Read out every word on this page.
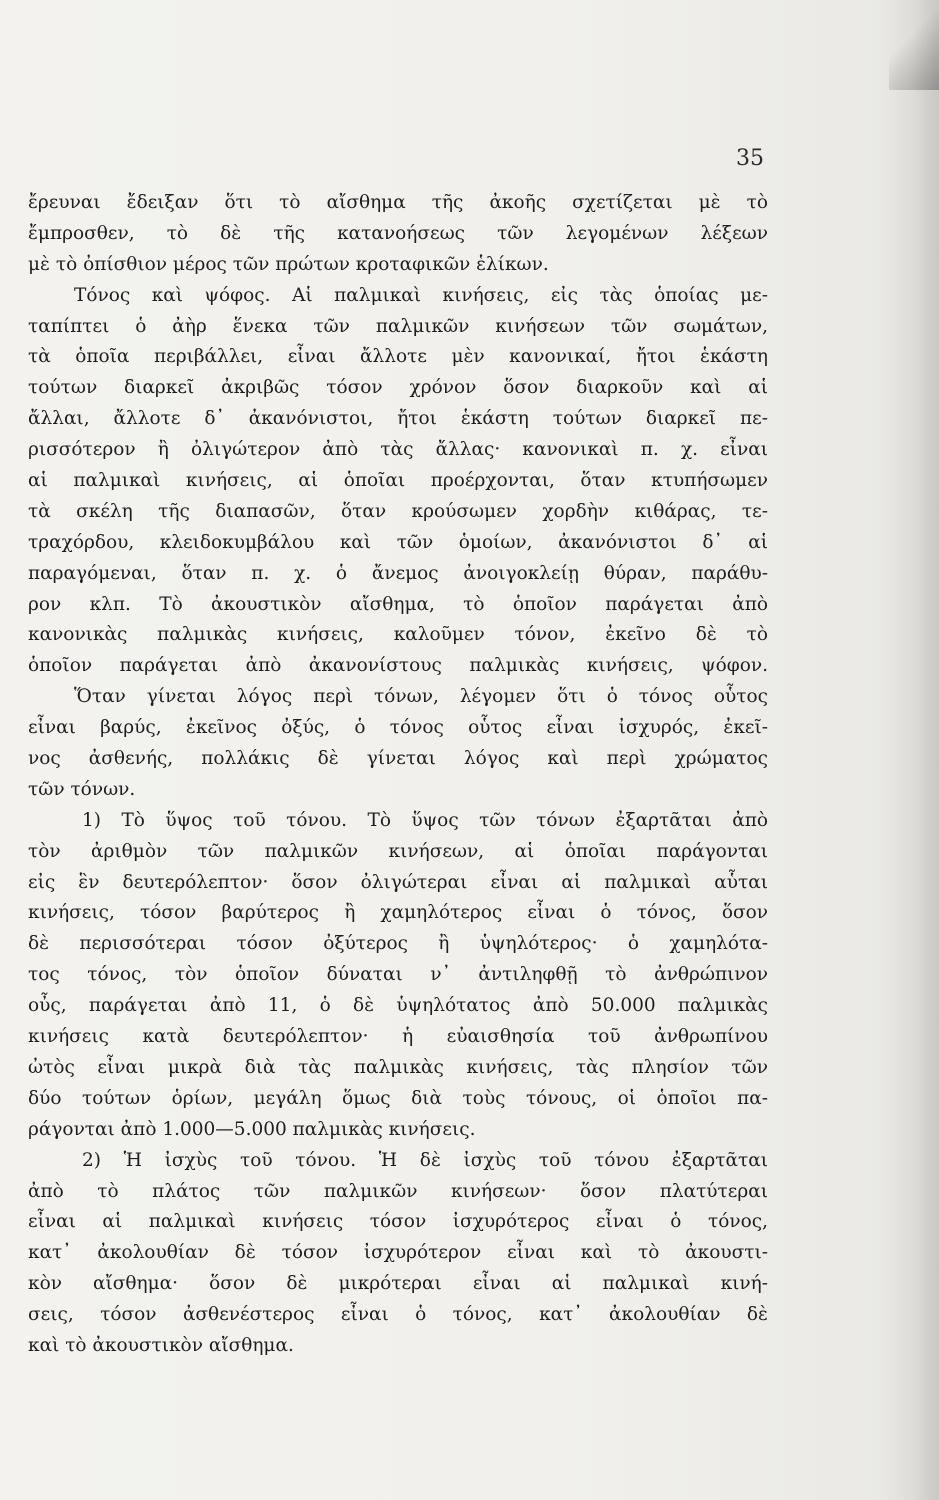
35
ἔρευναι ἔδειξαν ὅτι τὸ αἴσθημα τῆς ἀκοῆς σχετίζεται μὲ τὸ
ἔμπροσθεν, τὸ δὲ τῆς κατανοήσεως τῶν λεγομένων λέξεων
μὲ τὸ ὀπίσθιον μέρος τῶν πρώτων κροταφικῶν ἑλίκων.
Τόνος καὶ ψόφος. Αἱ παλμικαὶ κινήσεις, εἰς τὰς ὁποίας με-
ταπίπτει ὁ ἀὴρ ἕνεκα τῶν παλμικῶν κινήσεων τῶν σωμάτων,
τὰ ὁποῖα περιβάλλει, εἶναι ἄλλοτε μὲν κανονικαί, ἤτοι ἑκάστη
τούτων διαρκεῖ ἀκριβῶς τόσον χρόνον ὅσον διαρκοῦν καὶ αἱ
ἄλλαι, ἄλλοτε δ᾽ ἀκανόνιστοι, ἤτοι ἑκάστη τούτων διαρκεῖ πε-
ρισσότερον ἢ ὀλιγώτερον ἀπὸ τὰς ἄλλας· κανονικαὶ π. χ. εἶναι
αἱ παλμικαὶ κινήσεις, αἱ ὁποῖαι προέρχονται, ὅταν κτυπήσωμεν
τὰ σκέλη τῆς διαπασῶν, ὅταν κρούσωμεν χορδὴν κιθάρας, τε-
τραχόρδου, κλειδοκυμβάλου καὶ τῶν ὁμοίων, ἀκανόνιστοι δ᾽ αἱ
παραγόμεναι, ὅταν π. χ. ὁ ἄνεμος ἀνοιγοκλείῃ θύραν, παράθυ-
ρον κλπ. Τὸ ἀκουστικὸν αἴσθημα, τὸ ὁποῖον παράγεται ἀπὸ
κανονικὰς παλμικὰς κινήσεις, καλοῦμεν τόνον, ἐκεῖνο δὲ τὸ
ὁποῖον παράγεται ἀπὸ ἀκανονίστους παλμικὰς κινήσεις, ψόφον.
Ὅταν γίνεται λόγος περὶ τόνων, λέγομεν ὅτι ὁ τόνος οὗτος
εἶναι βαρύς, ἐκεῖνος ὀξύς, ὁ τόνος οὗτος εἶναι ἰσχυρός, ἐκεῖ-
νος ἀσθενής, πολλάκις δὲ γίνεται λόγος καὶ περὶ χρώματος
τῶν τόνων.
1) Τὸ ὕψος τοῦ τόνου. Τὸ ὕψος τῶν τόνων ἐξαρτᾶται ἀπὸ
τὸν ἀριθμὸν τῶν παλμικῶν κινήσεων, αἱ ὁποῖαι παράγονται
εἰς ἓν δευτερόλεπτον· ὅσον ὀλιγώτεραι εἶναι αἱ παλμικαὶ αὗται
κινήσεις, τόσον βαρύτερος ἢ χαμηλότερος εἶναι ὁ τόνος, ὅσον
δὲ περισσότεραι τόσον ὀξύτερος ἢ ὑψηλότερος· ὁ χαμηλότα-
τος τόνος, τὸν ὁποῖον δύναται ν᾽ ἀντιληφθῇ τὸ ἀνθρώπινον
οὖς, παράγεται ἀπὸ 11, ὁ δὲ ὑψηλότατος ἀπὸ 50.000 παλμικὰς
κινήσεις κατὰ δευτερόλεπτον· ἡ εὐαισθησία τοῦ ἀνθρωπίνου
ὠτὸς εἶναι μικρὰ διὰ τὰς παλμικὰς κινήσεις, τὰς πλησίον τῶν
δύο τούτων ὁρίων, μεγάλη ὅμως διὰ τοὺς τόνους, οἱ ὁποῖοι πα-
ράγονται ἀπὸ 1.000—5.000 παλμικὰς κινήσεις.
2) Ἡ ἰσχὺς τοῦ τόνου. Ἡ δὲ ἰσχὺς τοῦ τόνου ἐξαρτᾶται
ἀπὸ τὸ πλάτος τῶν παλμικῶν κινήσεων· ὅσον πλατύτεραι
εἶναι αἱ παλμικαὶ κινήσεις τόσον ἰσχυρότερος εἶναι ὁ τόνος,
κατ᾽ ἀκολουθίαν δὲ τόσον ἰσχυρότερον εἶναι καὶ τὸ ἀκουστι-
κὸν αἴσθημα· ὅσον δὲ μικρότεραι εἶναι αἱ παλμικαὶ κινή-
σεις, τόσον ἀσθενέστερος εἶναι ὁ τόνος, κατ᾽ ἀκολουθίαν δὲ
καὶ τὸ ἀκουστικὸν αἴσθημα.
